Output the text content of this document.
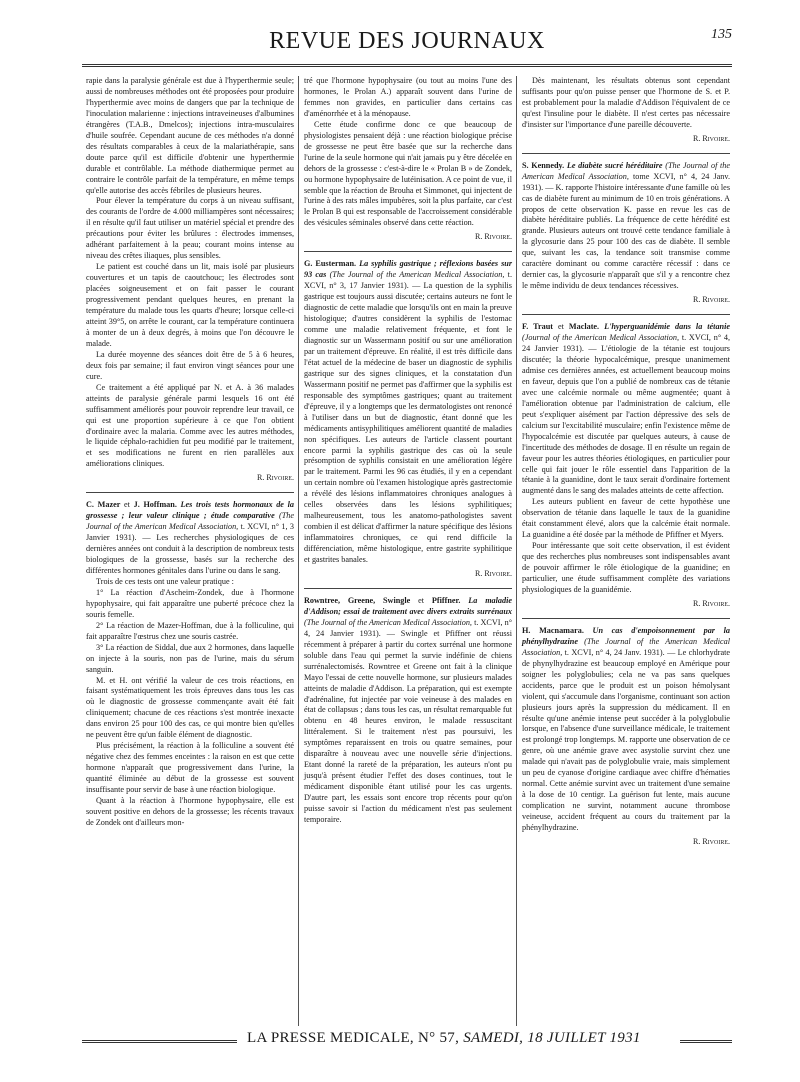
REVUE DES JOURNAUX	135

rapie dans la paralysie générale est due à l'hyperthermie seule; aussi de nombreuses méthodes ont été proposées pour produire l'hyperthermie avec moins de dangers que par la technique de l'inoculation malarienne : injections intraveineuses d'albumines étrangères (T.A.B., Dmelcos); injections intra-musculaires d'huile soufrée. Cependant aucune de ces méthodes n'a donné des résultats comparables à ceux de la malariathérapie, sans doute parce qu'il est difficile d'obtenir une hyperthermie durable et contrôlable. La méthode diathermique permet au contraire le contrôle parfait de la température, en même temps qu'elle autorise des accès fébriles de plusieurs heures.

Pour élever la température du corps à un niveau suffisant, des courants de l'ordre de 4.000 milliampères sont nécessaires; il en résulte qu'il faut utiliser un matériel spécial et prendre des précautions pour éviter les brûlures : électrodes immenses, adhérant parfaitement à la peau; courant moins intense au niveau des crêtes iliaques, plus sensibles.

Le patient est couché dans un lit, mais isolé par plusieurs couvertures et un tapis de caoutchouc; les électrodes sont placées soigneusement et on fait passer le courant progressivement pendant quelques heures, en prenant la température du malade tous les quarts d'heure; lorsque celle-ci atteint 39°5, on arrête le courant, car la température continuera à monter de un à deux degrés, à moins que l'on découvre le malade.

La durée moyenne des séances doit être de 5 à 6 heures, deux fois par semaine; il faut environ vingt séances pour une cure.

Ce traitement a été appliqué par N. et A. à 36 malades atteints de paralysie générale parmi lesquels 16 ont été suffisamment améliorés pour pouvoir reprendre leur travail, ce qui est une proportion supérieure à ce que l'on obtient d'ordinaire avec la malaria. Comme avec les autres méthodes, le liquide céphalo-rachidien fut peu modifié par le traitement, et ses modifications ne furent en rien parallèles aux améliorations cliniques.

R. Rivoire.

C. Mazer et J. Hoffman. Les trois tests hormonaux de la grossesse ; leur valeur clinique ; étude comparative (The Journal of the American Medical Association, t. XCVI, n° 1, 3 Janvier 1931). — Les recherches physiologiques de ces dernières années ont conduit à la description de nombreux tests biologiques de la grossesse, basés sur la recherche des différentes hormones génitales dans l'urine ou dans le sang.

Trois de ces tests ont une valeur pratique :

1° La réaction d'Ascheim-Zondek, due à l'hormone hypophysaire, qui fait apparaître une puberté précoce chez la souris femelle.

2° La réaction de Mazer-Hoffman, due à la folliculine, qui fait apparaître l'œstrus chez une souris castrée.

3° La réaction de Siddal, due aux 2 hormones, dans laquelle on injecte à la souris, non pas de l'urine, mais du sérum sanguin.

M. et H. ont vérifié la valeur de ces trois réactions, en faisant systématiquement les trois épreuves dans tous les cas où le diagnostic de grossesse commençante avait été fait cliniquement; chacune de ces réactions s'est montrée inexacte dans environ 25 pour 100 des cas, ce qui montre bien qu'elles ne peuvent être qu'un faible élément de diagnostic.

Plus précisément, la réaction à la folliculine a souvent été négative chez des femmes enceintes : la raison en est que cette hormone n'apparaît que progressivement dans l'urine, la quantité éliminée au début de la grossesse est souvent insuffisante pour servir de base à une réaction biologique.

Quant à la réaction à l'hormone hypophysaire, elle est souvent positive en dehors de la grossesse; les récents travaux de Zondek ont d'ailleurs mon-

tré que l'hormone hypophysaire (ou tout au moins l'une des hormones, le Prolan A.) apparaît souvent dans l'urine de femmes non gravides, en particulier dans certains cas d'aménorrhée et à la ménopause.

Cette étude confirme donc ce que beaucoup de physiologistes pensaient déjà : une réaction biologique précise de grossesse ne peut être basée que sur la recherche dans l'urine de la seule hormone qui n'ait jamais pu y être décelée en dehors de la grossesse : c'est-à-dire le « Prolan B » de Zondek, ou hormone hypophysaire de lutéinisation. A ce point de vue, il semble que la réaction de Brouha et Simmonet, qui injectent de l'urine à des rats mâles impubères, soit la plus parfaite, car c'est le Prolan B qui est responsable de l'accroissement considérable des vésicules séminales observé dans cette réaction.

R. Rivoire.

G. Eusterman. La syphilis gastrique ; réflexions basées sur 93 cas (The Journal of the American Medical Association, t. XCVI, n° 3, 17 Janvier 1931). — La question de la syphilis gastrique est toujours aussi discutée; certains auteurs ne font le diagnostic de cette maladie que lorsqu'ils ont en main la preuve histologique; d'autres considèrent la syphilis de l'estomac comme une maladie relativement fréquente, et font le diagnostic sur un Wassermann positif ou sur une amélioration par un traitement d'épreuve. En réalité, il est très difficile dans l'état actuel de la médecine de baser un diagnostic de syphilis gastrique sur des signes cliniques, et la constatation d'un Wassermann positif ne permet pas d'affirmer que la syphilis est responsable des symptômes gastriques; quant au traitement d'épreuve, il y a longtemps que les dermatologistes ont renoncé à l'utiliser dans un but de diagnostic, étant donné que les médicaments antisyphilitiques améliorent quantité de maladies non spécifiques. Les auteurs de l'article classent pourtant encore parmi la syphilis gastrique des cas où la seule présomption de syphilis consistait en une amélioration légère par le traitement. Parmi les 96 cas étudiés, il y en a cependant un certain nombre où l'examen histologique après gastrectomie a révélé des lésions inflammatoires chroniques analogues à celles observées dans les lésions syphilitiques; malheureusement, tous les anatomo-pathologistes savent combien il est délicat d'affirmer la nature spécifique des lésions inflammatoires chroniques, ce qui rend difficile la différenciation, même histologique, entre gastrite syphilitique et gastrites banales.

R. Rivoire.

Rowntree, Greene, Swingle et Pfiffner. La maladie d'Addison; essai de traitement avec divers extraits surrénaux (The Journal of the American Medical Association, t. XCVI, n° 4, 24 Janvier 1931). — Swingle et Pfiffner ont réussi récemment à préparer à partir du cortex surrénal une hormone soluble dans l'eau qui permet la survie indéfinie de chiens surrénalectomisés. Rowntree et Greene ont fait à la clinique Mayo l'essai de cette nouvelle hormone, sur plusieurs malades atteints de maladie d'Addison. La préparation, qui est exempte d'adrénaline, fut injectée par voie veineuse à des malades en état de collapsus ; dans tous les cas, un résultat remarquable fut obtenu en 48 heures environ, le malade ressuscitant littéralement. Si le traitement n'est pas poursuivi, les symptômes reparaissent en trois ou quatre semaines, pour disparaître à nouveau avec une nouvelle série d'injections. Etant donné la rareté de la préparation, les auteurs n'ont pu jusqu'à présent étudier l'effet des doses continues, tout le médicament disponible étant utilisé pour les cas urgents. D'autre part, les essais sont encore trop récents pour qu'on puisse savoir si l'action du médicament n'est pas seulement temporaire.

Dès maintenant, les résultats obtenus sont cependant suffisants pour qu'on puisse penser que l'hormone de S. et P. est probablement pour la maladie d'Addison l'équivalent de ce qu'est l'insuline pour le diabète. Il n'est certes pas nécessaire d'insister sur l'importance d'une pareille découverte.

R. Rivoire.

S. Kennedy. Le diabète sucré héréditaire (The Journal of the American Medical Association, tome XCVI, n° 4, 24 Janv. 1931). — K. rapporte l'histoire intéressante d'une famille où les cas de diabète furent au minimum de 10 en trois générations. A propos de cette observation K. passe en revue les cas de diabète héréditaire publiés. La fréquence de cette hérédité est grande. Plusieurs auteurs ont trouvé cette tendance familiale à la glycosurie dans 25 pour 100 des cas de diabète. Il semble que, suivant les cas, la tendance soit transmise comme caractère dominant ou comme caractère récessif : dans ce dernier cas, la glycosurie n'apparaît que s'il y a rencontre chez le même individu de deux tendances récessives.

R. Rivoire.

F. Traut et Maclate. L'hyperguanidémie dans la tétanie (Journal of the American Medical Association, t. XVCI, n° 4, 24 Janvier 1931). — L'étiologie de la tétanie est toujours discutée; la théorie hypocalcémique, presque unanimement admise ces dernières années, est actuellement beaucoup moins en faveur, depuis que l'on a publié de nombreux cas de tétanie avec une calcémie normale ou même augmentée; quant à l'amélioration obtenue par l'administration de calcium, elle peut s'expliquer aisément par l'action dépressive des sels de calcium sur l'excitabilité musculaire; enfin l'existence même de l'hypocalcémie est discutée par quelques auteurs, à cause de l'incertitude des méthodes de dosage. Il en résulte un regain de faveur pour les autres théories étiologiques, en particulier pour celle qui fait jouer le rôle essentiel dans l'apparition de la tétanie à la guanidine, dont le taux serait d'ordinaire fortement augmenté dans le sang des malades atteints de cette affection.

Les auteurs publient en faveur de cette hypothèse une observation de tétanie dans laquelle le taux de la guanidine était constamment élevé, alors que la calcémie était normale. La guanidine a été dosée par la méthode de Pfiffner et Myers.

Pour intéressante que soit cette observation, il est évident que des recherches plus nombreuses sont indispensables avant de pouvoir affirmer le rôle étiologique de la guanidine; en particulier, une étude suffisamment complète des variations physiologiques de la guanidémie.

R. Rivoire.

H. Macnamara. Un cas d'empoisonnement par la phénylhydrazine (The Journal of the American Medical Association, t. XCVI, n° 4, 24 Janv. 1931). — Le chlorhydrate de phynylhydrazine est beaucoup employé en Amérique pour soigner les polyglobulies; cela ne va pas sans quelques accidents, parce que le produit est un poison hémolysant violent, qui s'accumule dans l'organisme, continuant son action plusieurs jours après la suppression du médicament. Il en résulte qu'une anémie intense peut succéder à la polyglobulie lorsque, en l'absence d'une surveillance médicale, le traitement est prolongé trop longtemps. M. rapporte une observation de ce genre, où une anémie grave avec asystolie survint chez une malade qui n'avait pas de polyglobulie vraie, mais simplement un peu de cyanose d'origine cardiaque avec chiffre d'hématies normal. Cette anémie survint avec un traitement d'une semaine à la dose de 10 centigr. La guérison fut lente, mais aucune complication ne survint, notamment aucune thrombose veineuse, accident fréquent au cours du traitement par la phénylhydrazine.

R. Rivoire.
LA PRESSE MEDICALE, N° 57, SAMEDI, 18 JUILLET 1931
